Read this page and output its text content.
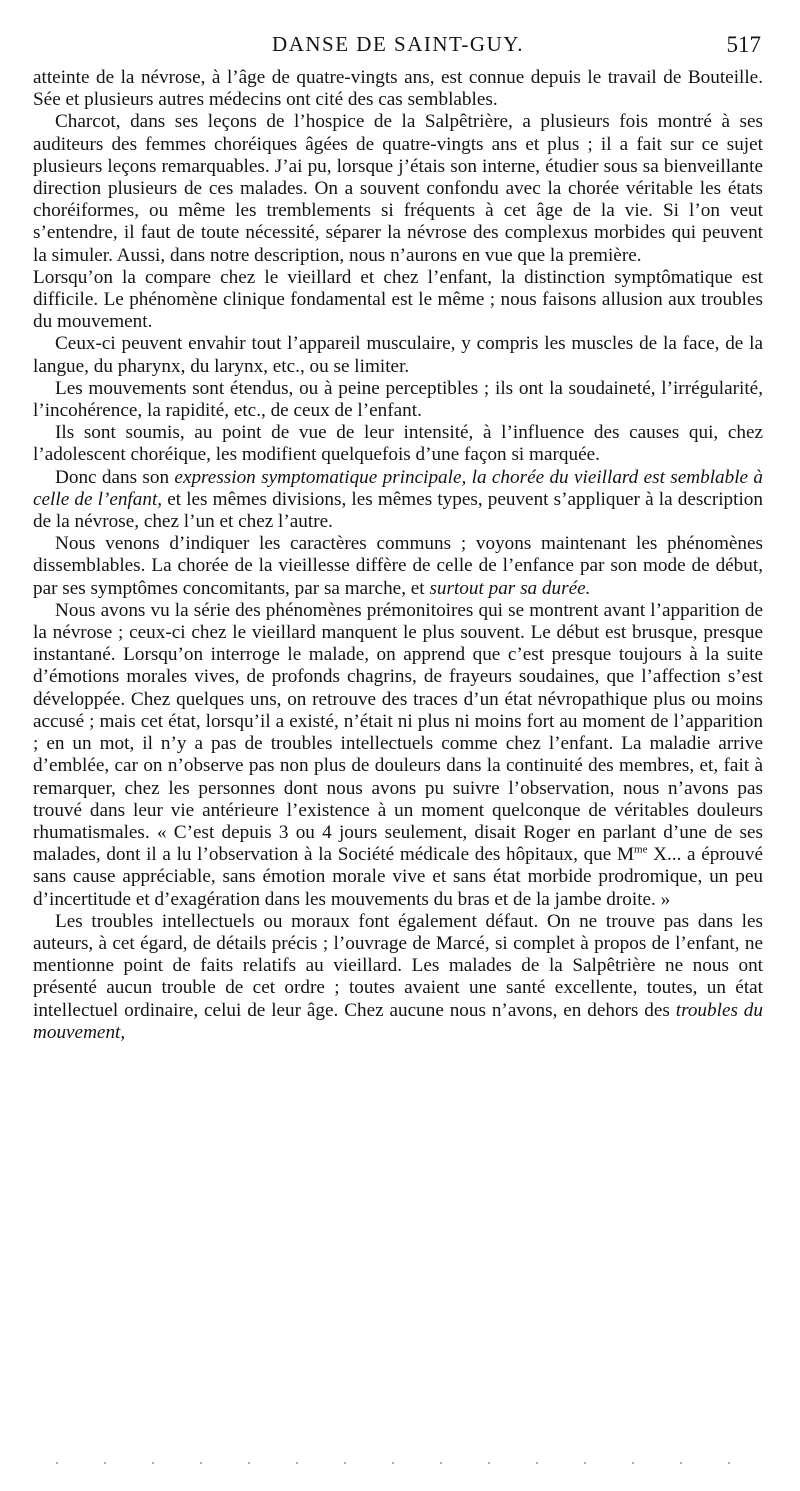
DANSE DE SAINT-GUY.	517

atteinte de la névrose, à l’âge de quatre-vingts ans, est connue depuis le travail de Bouteille. Sée et plusieurs autres médecins ont cité des cas semblables.

Charcot, dans ses leçons de l’hospice de la Salpêtrière, a plusieurs fois montré à ses auditeurs des femmes choréiques âgées de quatre-vingts ans et plus ; il a fait sur ce sujet plusieurs leçons remarquables. J’ai pu, lorsque j’étais son interne, étudier sous sa bienveillante direction plusieurs de ces malades. On a souvent confondu avec la chorée véritable les états choréiformes, ou même les tremblements si fréquents à cet âge de la vie. Si l’on veut s’entendre, il faut de toute nécessité, séparer la névrose des complexus morbides qui peuvent la simuler. Aussi, dans notre description, nous n’aurons en vue que la première.

Lorsqu’on la compare chez le vieillard et chez l’enfant, la distinction symptômatique est difficile. Le phénomène clinique fondamental est le même ; nous faisons allusion aux troubles du mouvement.

Ceux-ci peuvent envahir tout l’appareil musculaire, y compris les muscles de la face, de la langue, du pharynx, du larynx, etc., ou se limiter.

Les mouvements sont étendus, ou à peine perceptibles ; ils ont la soudaineté, l’irrégularité, l’incohérence, la rapidité, etc., de ceux de l’enfant.

Ils sont soumis, au point de vue de leur intensité, à l’influence des causes qui, chez l’adolescent choréique, les modifient quelquefois d’une façon si marquée.

Donc dans son expression symptomatique principale, la chorée du vieillard est semblable à celle de l’enfant, et les mêmes divisions, les mêmes types, peuvent s’appliquer à la description de la névrose, chez l’un et chez l’autre.

Nous venons d’indiquer les caractères communs ; voyons maintenant les phénomènes dissemblables. La chorée de la vieillesse diffère de celle de l’enfance par son mode de début, par ses symptômes concomitants, par sa marche, et surtout par sa durée.

Nous avons vu la série des phénomènes prémonitoires qui se montrent avant l’apparition de la névrose ; ceux-ci chez le vieillard manquent le plus souvent. Le début est brusque, presque instantané. Lorsqu’on interroge le malade, on apprend que c’est presque toujours à la suite d’émotions morales vives, de profonds chagrins, de frayeurs soudaines, que l’affection s’est développée. Chez quelques uns, on retrouve des traces d’un état névropathique plus ou moins accusé ; mais cet état, lorsqu’il a existé, n’était ni plus ni moins fort au moment de l’apparition ; en un mot, il n’y a pas de troubles intellectuels comme chez l’enfant. La maladie arrive d’emblée, car on n’observe pas non plus de douleurs dans la continuité des membres, et, fait à remarquer, chez les personnes dont nous avons pu suivre l’observation, nous n’avons pas trouvé dans leur vie antérieure l’existence à un moment quelconque de véritables douleurs rhumatismales. « C’est depuis 3 ou 4 jours seulement, disait Roger en parlant d’une de ses malades, dont il a lu l’observation à la Société médicale des hôpitaux, que $M^{me}$ X... a éprouvé sans cause appréciable, sans émotion morale vive et sans état morbide prodromique, un peu d’incertitude et d’exagération dans les mouvements du bras et de la jambe droite. »

Les troubles intellectuels ou moraux font également défaut. On ne trouve pas dans les auteurs, à cet égard, de détails précis ; l’ouvrage de Marcé, si complet à propos de l’enfant, ne mentionne point de faits relatifs au vieillard. Les malades de la Salpêtrière ne nous ont présenté aucun trouble de cet ordre ; toutes avaient une santé excellente, toutes, un état intellectuel ordinaire, celui de leur âge. Chez aucune nous n’avons, en dehors des troubles du mouvement,
